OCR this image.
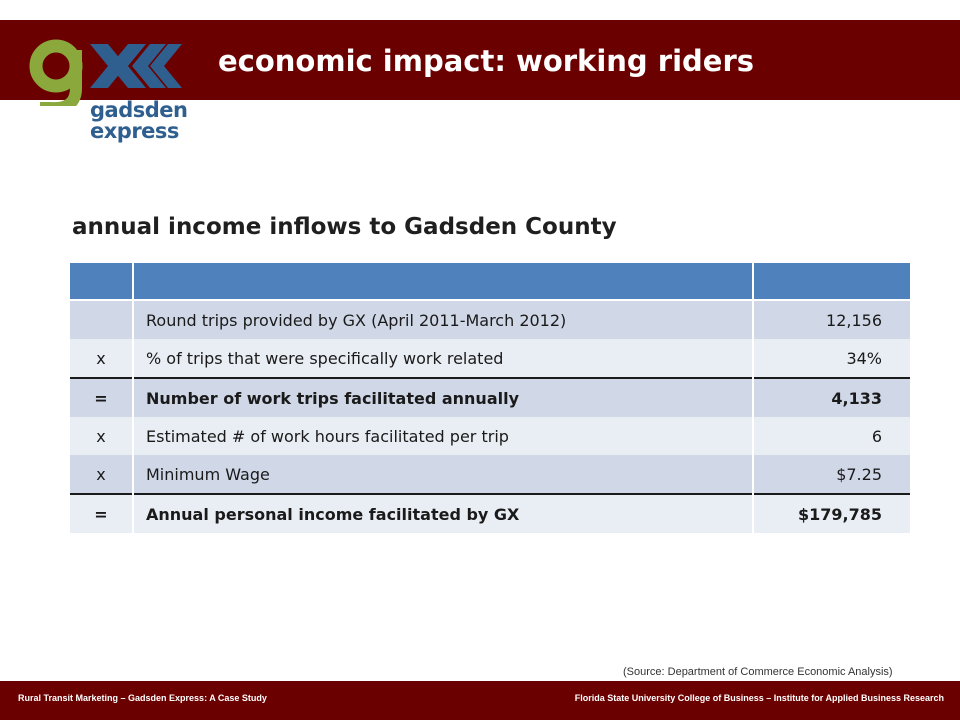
economic impact: working riders
gadsden
express
annual income inflows to Gadsden County

	Round trips provided by GX (April 2011-March 2012)	12,156
x	% of trips that were specifically work related	34%
=	Number of work trips facilitated annually	4,133
x	Estimated # of work hours facilitated per trip	6
x	Minimum Wage	$7.25
=	Annual personal income facilitated by GX	$179,785
(Source: Department of Commerce Economic Analysis)
Rural Transit Marketing – Gadsden Express: A Case Study	Florida State University College of Business – Institute for Applied Business Research
